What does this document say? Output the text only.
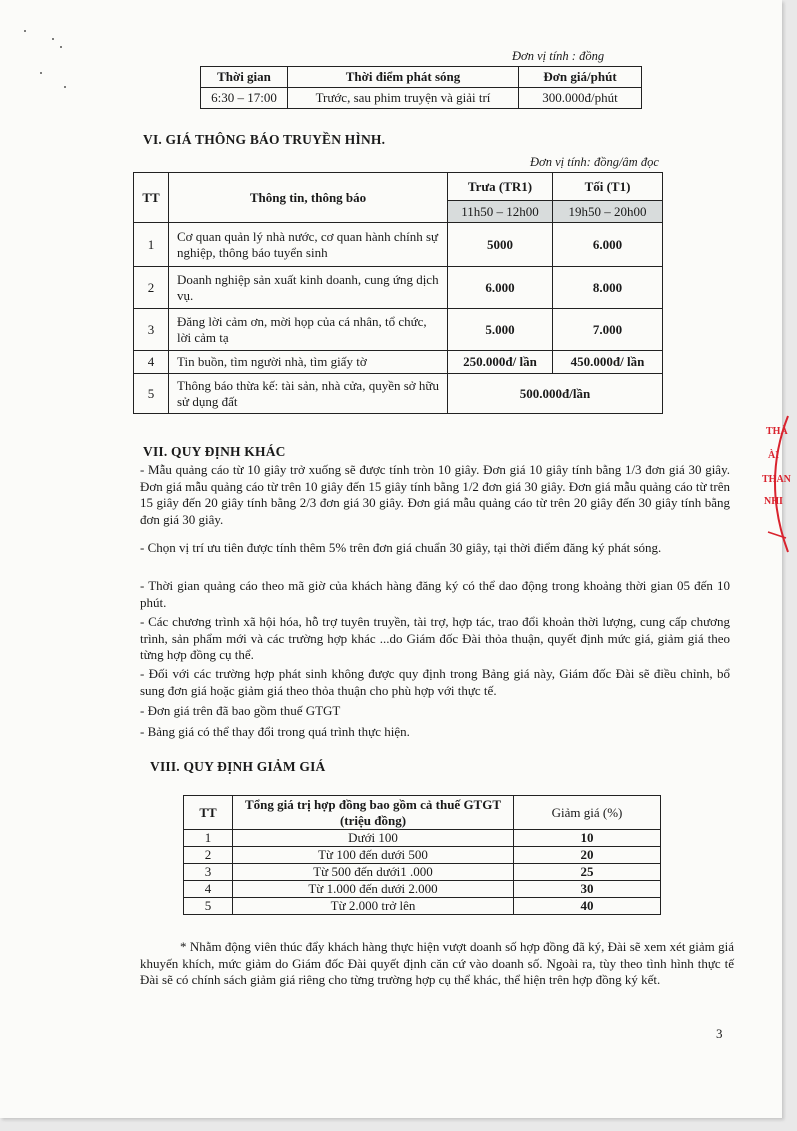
Đơn vị tính : đồng
Thời gian	Thời điểm phát sóng	Đơn giá/phút
6:30 – 17:00	Trước, sau phim truyện và giải trí	300.000đ/phút
VI. GIÁ THÔNG BÁO TRUYỀN HÌNH.
Đơn vị tính: đồng/âm đọc
TT	Thông tin, thông báo	Trưa (TR1)	Tối (T1)
		11h50 – 12h00	19h50 – 20h00
1	Cơ quan quản lý nhà nước, cơ quan hành chính sự nghiệp, thông báo tuyển sinh	5000	6.000
2	Doanh nghiệp sản xuất kinh doanh, cung ứng dịch vụ.	6.000	8.000
3	Đăng lời cảm ơn, mời họp của cá nhân, tổ chức, lời cảm tạ	5.000	7.000
4	Tin buồn, tìm người nhà, tìm giấy tờ	250.000đ/ lần	450.000đ/ lần
5	Thông báo thừa kế: tài sản, nhà cửa, quyền sở hữu sử dụng đất	500.000đ/lần	
VII. QUY ĐỊNH KHÁC
- Mẫu quảng cáo từ 10 giây trở xuống sẽ được tính tròn 10 giây. Đơn giá 10 giây tính bằng 1/3 đơn giá 30 giây. Đơn giá mẫu quảng cáo từ trên 10 giây đến 15 giây tính bằng 1/2 đơn giá 30 giây. Đơn giá mẫu quảng cáo từ trên 15 giây đến 20 giây tính bằng 2/3 đơn giá 30 giây. Đơn giá mẫu quảng cáo từ trên 20 giây đến 30 giây tính bằng đơn giá 30 giây.
- Chọn vị trí ưu tiên được tính thêm 5% trên đơn giá chuẩn 30 giây, tại thời điểm đăng ký phát sóng.
- Thời gian quảng cáo theo mã giờ của khách hàng đăng ký có thể dao động trong khoảng thời gian 05 đến 10 phút.
- Các chương trình xã hội hóa, hỗ trợ tuyên truyền, tài trợ, hợp tác, trao đổi khoản thời lượng, cung cấp chương trình, sản phẩm mới và các trường hợp khác ...do Giám đốc Đài thỏa thuận, quyết định mức giá, giảm giá theo từng hợp đồng cụ thể.
- Đối với các trường hợp phát sinh không được quy định trong Bảng giá này, Giám đốc Đài sẽ điều chỉnh, bổ sung đơn giá hoặc giảm giá theo thỏa thuận cho phù hợp với thực tế.
- Đơn giá trên đã bao gồm thuế GTGT
- Bảng giá có thể thay đổi trong quá trình thực hiện.
VIII. QUY ĐỊNH GIẢM GIÁ
TT	Tổng giá trị hợp đồng bao gồm cả thuế GTGT (triệu đồng)	Giảm giá (%)
1	Dưới 100	10
2	Từ 100 đến dưới 500	20
3	Từ 500 đến dưới1 .000	25
4	Từ 1.000 đến dưới 2.000	30
5	Từ 2.000 trở lên	40
* Nhằm động viên thúc đẩy khách hàng thực hiện vượt doanh số hợp đồng đã ký, Đài sẽ xem xét giảm giá khuyến khích, mức giảm do Giám đốc Đài quyết định căn cứ vào doanh số. Ngoài ra, tùy theo tình hình thực tế Đài sẽ có chính sách giảm giá riêng cho từng trường hợp cụ thể khác, thể hiện trên hợp đồng ký kết.
3
THÀ
ÀI
THAN
NHI
